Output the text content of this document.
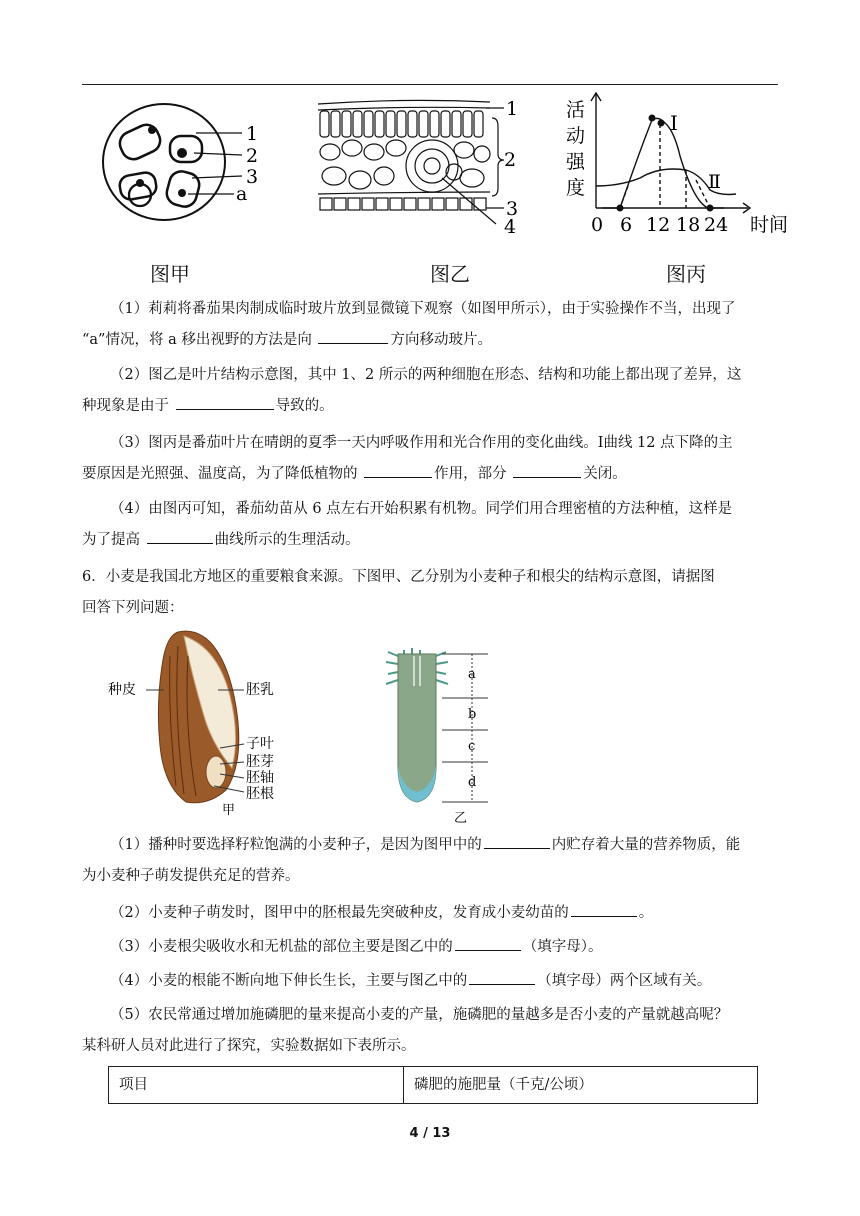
1
2
3
a
1
2
3
4
活
动
强
度
Ⅰ
Ⅱ
0 6 12 18 24 时间
图甲	图乙	图丙
（1）莉莉将番茄果肉制成临时玻片放到显微镜下观察（如图甲所示），由于实验操作不当，出现了
“a”情况，将 a 移出视野的方法是向	方向移动玻片。
（2）图乙是叶片结构示意图，其中 1、2 所示的两种细胞在形态、结构和功能上都出现了差异，这
种现象是由于	导致的。
（3）图丙是番茄叶片在晴朗的夏季一天内呼吸作用和光合作用的变化曲线。Ⅰ曲线 12 点下降的主
要原因是光照强、温度高，为了降低植物的	作用，部分	关闭。
（4）由图丙可知，番茄幼苗从 6 点左右开始积累有机物。同学们用合理密植的方法种植，这样是
为了提高	曲线所示的生理活动。
6．小麦是我国北方地区的重要粮食来源。下图甲、乙分别为小麦种子和根尖的结构示意图，请据图
回答下列问题：
种皮	胚乳
子叶
胚芽
胚轴
胚根
甲
a
b
c
d
乙
（1）播种时要选择籽粒饱满的小麦种子，是因为图甲中的	内贮存着大量的营养物质，能
为小麦种子萌发提供充足的营养。
（2）小麦种子萌发时，图甲中的胚根最先突破种皮，发育成小麦幼苗的	。
（3）小麦根尖吸收水和无机盐的部位主要是图乙中的	（填字母）。
（4）小麦的根能不断向地下伸长生长，主要与图乙中的	（填字母）两个区域有关。
（5）农民常通过增加施磷肥的量来提高小麦的产量，施磷肥的量越多是否小麦的产量就越高呢？
某科研人员对此进行了探究，实验数据如下表所示。
项目	磷肥的施肥量（千克/公顷）
4 / 13
